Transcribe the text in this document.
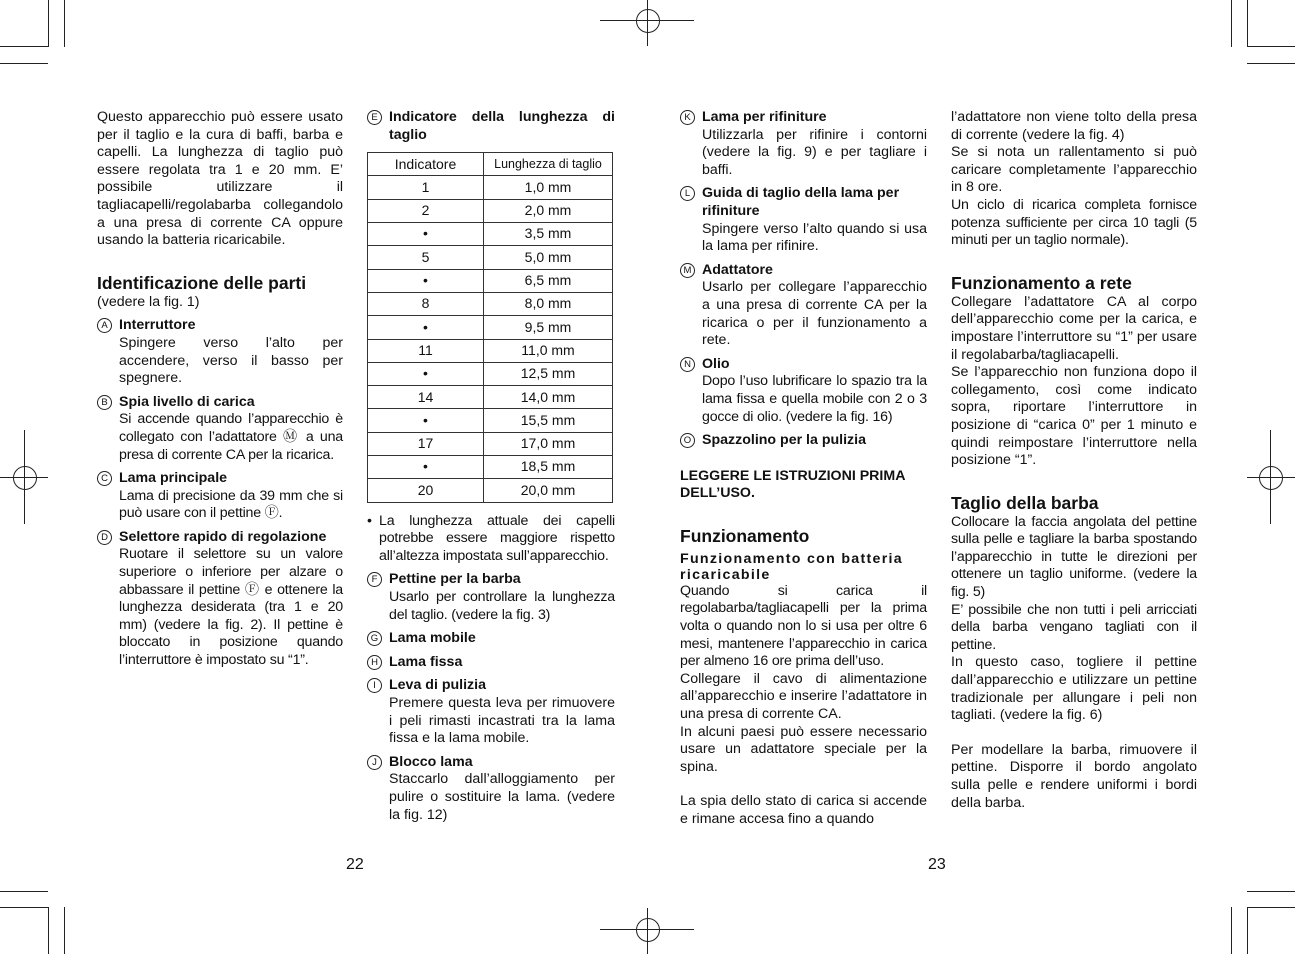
Questo apparecchio può essere usato per il taglio e la cura di baffi, barba e capelli. La lunghezza di taglio può essere regolata tra 1 e 20 mm. E’ possibile utilizzare il tagliacapelli/regolabarba collegandolo a una presa di corrente CA oppure usando la batteria ricaricabile.

Identificazione delle parti

(vedere la fig. 1)

A Interruttore
Spingere verso l’alto per accendere, verso il basso per spegnere.
B Spia livello di carica
Si accende quando l’apparecchio è collegato con l’adattatore Ⓜ a una presa di corrente CA per la ricarica.
C Lama principale
Lama di precisione da 39 mm che si può usare con il pettine Ⓕ.
D Selettore rapido di regolazione
Ruotare il selettore su un valore superiore o inferiore per alzare o abbassare il pettine Ⓕ e ottenere la lunghezza desiderata (tra 1 e 20 mm) (vedere la fig. 2). Il pettine è bloccato in posizione quando l’interruttore è impostato su “1”.
E Indicatore della lunghezza di taglio
Indicatore	Lunghezza di taglio
1	1,0 mm
2	2,0 mm
•	3,5 mm
5	5,0 mm
•	6,5 mm
8	8,0 mm
•	9,5 mm
11	11,0 mm
•	12,5 mm
14	14,0 mm
•	15,5 mm
17	17,0 mm
•	18,5 mm
20	20,0 mm
• La lunghezza attuale dei capelli potrebbe essere maggiore rispetto all’altezza impostata sull’apparecchio.
F Pettine per la barba
Usarlo per controllare la lunghezza del taglio. (vedere la fig. 3)
G Lama mobile
H Lama fissa
I Leva di pulizia
Premere questa leva per rimuovere i peli rimasti incastrati tra la lama fissa e la lama mobile.
J Blocco lama
Staccarlo dall’alloggiamento per pulire o sostituire la lama. (vedere la fig. 12)
22
K Lama per rifiniture
Utilizzarla per rifinire i contorni (vedere la fig. 9) e per tagliare i baffi.
L Guida di taglio della lama per rifiniture
Spingere verso l’alto quando si usa la lama per rifinire.
M Adattatore
Usarlo per collegare l’apparecchio a una presa di corrente CA per la ricarica o per il funzionamento a rete.
N Olio
Dopo l’uso lubrificare lo spazio tra la lama fissa e quella mobile con 2 o 3 gocce di olio. (vedere la fig. 16)
O Spazzolino per la pulizia

LEGGERE LE ISTRUZIONI PRIMA DELL’USO.

Funzionamento

Funzionamento con batteria ricaricabile

Quando si carica il regolabarba/tagliacapelli per la prima volta o quando non lo si usa per oltre 6 mesi, mantenere l’apparecchio in carica per almeno 16 ore prima dell’uso.

Collegare il cavo di alimentazione all’apparecchio e inserire l’adattatore in una presa di corrente CA.

In alcuni paesi può essere necessario usare un adattatore speciale per la spina.

La spia dello stato di carica si accende e rimane accesa fino a quando

l’adattatore non viene tolto della presa di corrente (vedere la fig. 4)

Se si nota un rallentamento si può caricare completamente l’apparecchio in 8 ore.

Un ciclo di ricarica completa fornisce potenza sufficiente per circa 10 tagli (5 minuti per un taglio normale).

Funzionamento a rete

Collegare l’adattatore CA al corpo dell’apparecchio come per la carica, e impostare l’interruttore su “1” per usare il regolabarba/tagliacapelli.

Se l’apparecchio non funziona dopo il collegamento, così come indicato sopra, riportare l’interruttore in posizione di “carica 0” per 1 minuto e quindi reimpostare l’interruttore nella posizione “1”.

Taglio della barba

Collocare la faccia angolata del pettine sulla pelle e tagliare la barba spostando l’apparecchio in tutte le direzioni per ottenere un taglio uniforme. (vedere la fig. 5)

E’ possibile che non tutti i peli arricciati della barba vengano tagliati con il pettine.

In questo caso, togliere il pettine dall’apparecchio e utilizzare un pettine tradizionale per allungare i peli non tagliati. (vedere la fig. 6)

Per modellare la barba, rimuovere il pettine. Disporre il bordo angolato sulla pelle e rendere uniformi i bordi della barba.

23
